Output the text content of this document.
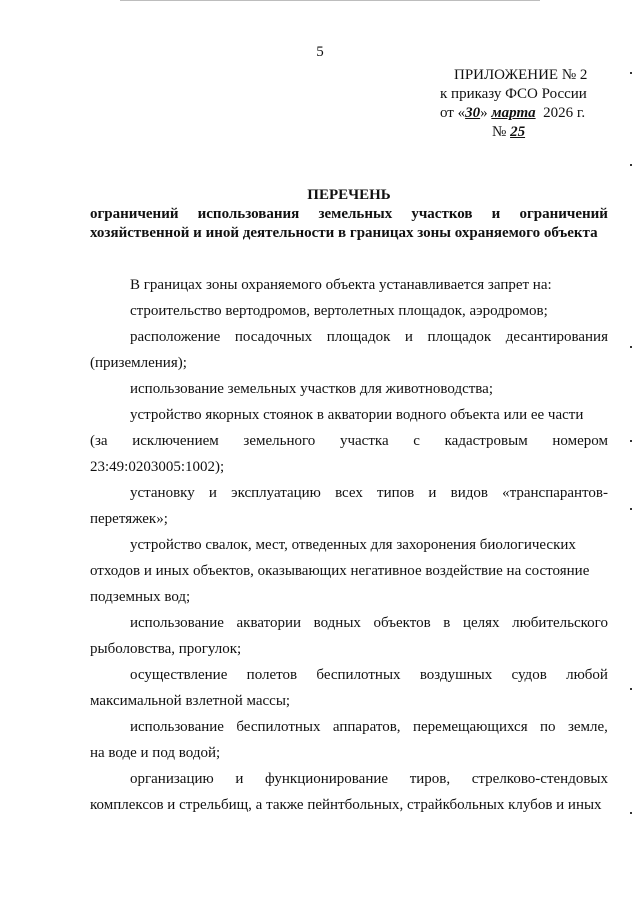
5
ПРИЛОЖЕНИЕ № 2
к приказу ФСО России
от «30» марта 2026 г.
№ 25
ПЕРЕЧЕНЬ
ограничений использования земельных участков и ограничений
хозяйственной и иной деятельности в границах зоны охраняемого объекта
В границах зоны охраняемого объекта устанавливается запрет на:
строительство вертодромов, вертолетных площадок, аэродромов;
расположение посадочных площадок и площадок десантирования
(приземления);
использование земельных участков для животноводства;
устройство якорных стоянок в акватории водного объекта или ее части
(за исключением земельного участка с кадастровым номером
23:49:0203005:1002);
установку и эксплуатацию всех типов и видов «транспарантов-
перетяжек»;
устройство свалок, мест, отведенных для захоронения биологических
отходов и иных объектов, оказывающих негативное воздействие на состояние
подземных вод;
использование акватории водных объектов в целях любительского
рыболовства, прогулок;
осуществление полетов беспилотных воздушных судов любой
максимальной взлетной массы;
использование беспилотных аппаратов, перемещающихся по земле,
на воде и под водой;
организацию и функционирование тиров, стрелково-стендовых
комплексов и стрельбищ, а также пейнтбольных, страйкбольных клубов и иных
